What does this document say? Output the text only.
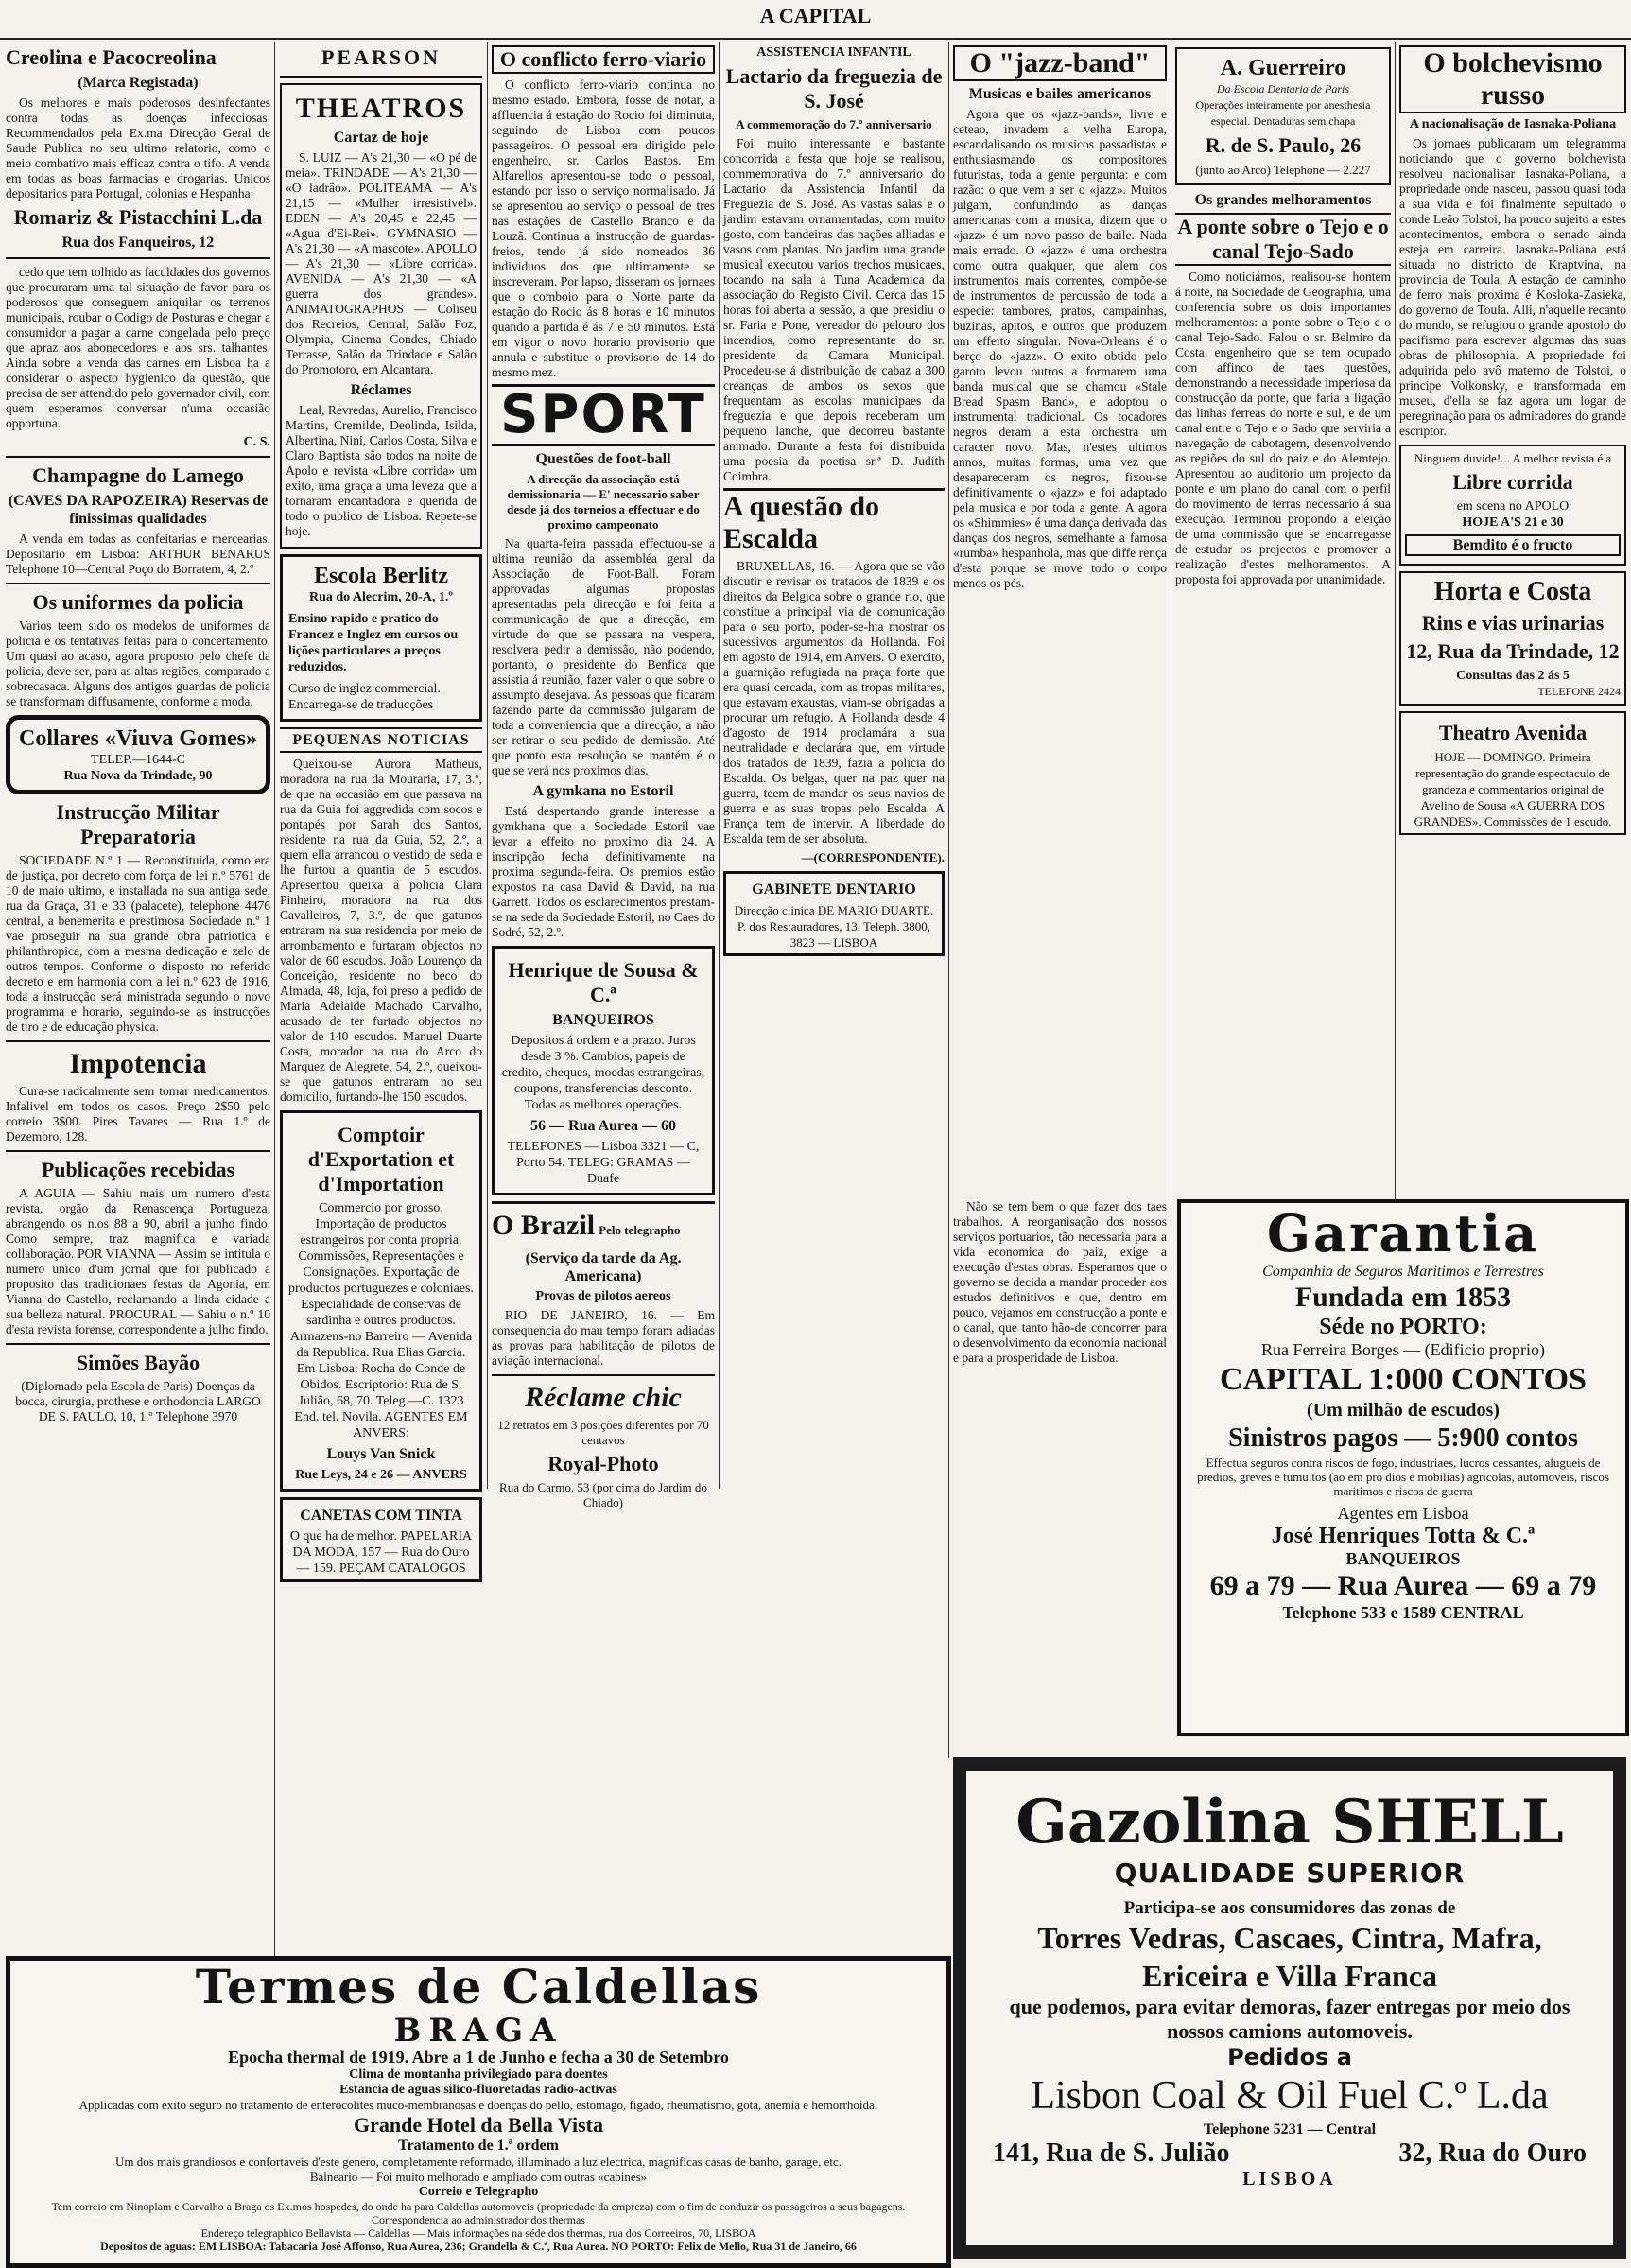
A CAPITAL
Creolina e Pacocreolina
(Marca Registada)

Os melhores e mais poderosos desinfectantes contra todas as doenças infecciosas. Recommendados pela Ex.ma Direcção Geral de Saude Publica no seu ultimo relatorio, como o meio combativo mais efficaz contra o tifo. A venda em todas as boas farmacias e drogarias. Unicos depositarios para Portugal, colonias e Hespanha:

Romariz & Pistacchini L.da
Rua dos Fanqueiros, 12

cedo que tem tolhido as faculdades dos governos que procuraram uma tal situação de favor para os poderosos que conseguem aniquilar os terrenos municipais, roubar o Codigo de Posturas e chegar a consumidor a pagar a carne congelada pelo preço que apraz aos abonecedores e aos srs. talhantes. Ainda sobre a venda das carnes em Lisboa ha a considerar o aspecto hygienico da questão, que precisa de ser attendido pelo governador civil, com quem esperamos conversar n'uma occasião opportuna.

C. S.
Champagne do Lamego
(CAVES DA RAPOZEIRA) Reservas de finissimas qualidades

A venda em todas as confeitarias e mercearias. Depositario em Lisboa: ARTHUR BENARUS Telephone 10—Central Poço do Borratem, 4, 2.º

Os uniformes da policia

Varios teem sido os modelos de uniformes da policia e os tentativas feitas para o concertamento. Um quasi ao acaso, agora proposto pelo chefe da policia, deve ser, para as altas regiões, comparado a sobrecasaca. Alguns dos antigos guardas de policia se transformam diffusamente, conforme a moda.

Collares «Viuva Gomes»
TELEP.—1644-C
Rua Nova da Trindade, 90
Instrucção Militar Preparatoria

SOCIEDADE N.º 1 — Reconstituida, como era de justiça, por decreto com força de lei n.º 5761 de 10 de maio ultimo, e installada na sua antiga sede, rua da Graça, 31 e 33 (palacete), telephone 4476 central, a benemerita e prestimosa Sociedade n.º 1 vae proseguir na sua grande obra patriotica e philanthropica, com a mesma dedicação e zelo de outros tempos. Conforme o disposto no referido decreto e em harmonia com a lei n.º 623 de 1916, toda a instrucção será ministrada segundo o novo programma e horario, seguindo-se as instrucções de tiro e de educação physica.

Impotencia

Cura-se radicalmente sem tomar medicamentos. Infalivel em todos os casos. Preço 2$50 pelo correio 3$00. Pires Tavares — Rua 1.º de Dezembro, 128.

Publicações recebidas

A AGUIA — Sahiu mais um numero d'esta revista, orgão da Renascença Portugueza, abrangendo os n.os 88 a 90, abril a junho findo. Como sempre, traz magnifica e variada collaboração. POR VIANNA — Assim se intitula o numero unico d'um jornal que foi publicado a proposito das tradicionaes festas da Agonia, em Vianna do Castello, reclamando a linda cidade a sua belleza natural. PROCURAL — Sahiu o n.º 10 d'esta revista forense, correspondente a julho findo.

Simões Bayão

(Diplomado pela Escola de Paris) Doenças da bocca, cirurgia, prothese e orthodoncia LARGO DE S. PAULO, 10, 1.º Telephone 3970

PEARSON
THEATROS
Cartaz de hoje

S. LUIZ — A's 21,30 — «O pé de meia». TRINDADE — A's 21,30 — «O ladrão». POLITEAMA — A's 21,15 — «Mulher irresistivel». EDEN — A's 20,45 e 22,45 — «Agua d'Ei-Rei». GYMNASIO — A's 21,30 — «A mascote». APOLLO — A's 21,30 — «Libre corrida». AVENIDA — A's 21,30 — «A guerra dos grandes». ANIMATOGRAPHOS — Coliseu dos Recreios, Central, Salão Foz, Olympia, Cinema Condes, Chiado Terrasse, Salão da Trindade e Salão do Promotoro, em Alcantara.

Réclames

Leal, Revredas, Aurelio, Francisco Martins, Cremilde, Deolinda, Isilda, Albertina, Nini, Carlos Costa, Silva e Claro Baptista são todos na noite de Apolo e revista «Libre corrida» um exito, uma graça a uma leveza que a tornaram encantadora e querida de todo o publico de Lisboa. Repete-se hoje.

Escola Berlitz
Rua do Alecrim, 20-A, 1.º
Ensino rapido e pratico do Francez e Inglez em cursos ou lições particulares a preços reduzidos.
Curso de inglez commercial. Encarrega-se de traducções
PEQUENAS NOTICIAS

Queixou-se Aurora Matheus, moradora na rua da Mouraria, 17, 3.º, de que na occasião em que passava na rua da Guia foi aggredida com socos e pontapés por Sarah dos Santos, residente na rua da Guia, 52, 2.º, a quem ella arrancou o vestido de seda e lhe furtou a quantia de 5 escudos. Apresentou queixa á policia Clara Pinheiro, moradora na rua dos Cavalleiros, 7, 3.º, de que gatunos entraram na sua residencia por meio de arrombamento e furtaram objectos no valor de 60 escudos. João Lourenço da Conceição, residente no beco do Almada, 48, loja, foi preso a pedido de Maria Adelaide Machado Carvalho, acusado de ter furtado objectos no valor de 140 escudos. Manuel Duarte Costa, morador na rua do Arco do Marquez de Alegrete, 54, 2.º, queixou-se que gatunos entraram no seu domicilio, furtando-lhe 150 escudos.

Comptoir d'Exportation et d'Importation
Commercio por grosso. Importação de productos estrangeiros por conta propria. Commissões, Representações e Consignações. Exportação de productos portuguezes e coloniaes. Especialidade de conservas de sardinha e outros productos. Armazens-no Barreiro — Avenida da Republica. Rua Elias Garcia. Em Lisboa: Rocha do Conde de Obidos. Escriptorio: Rua de S. Julião, 68, 70. Teleg.—C. 1323 End. tel. Novila. AGENTES EM ANVERS:
Louys Van Snick
Rue Leys, 24 e 26 — ANVERS
CANETAS COM TINTA
O que ha de melhor. PAPELARIA DA MODA, 157 — Rua do Ouro — 159. PEÇAM CATALOGOS
O conflicto ferro-viario

O conflicto ferro-viario continua no mesmo estado. Embora, fosse de notar, a affluencia á estação do Rocio foi diminuta, seguindo de Lisboa com poucos passageiros. O pessoal era dirigido pelo engenheiro, sr. Carlos Bastos. Em Alfarellos apresentou-se todo o pessoal, estando por isso o serviço normalisado. Já se apresentou ao serviço o pessoal de tres nas estações de Castello Branco e da Louzã. Continua a instrucção de guardas-freios, tendo já sido nomeados 36 individuos dos que ultimamente se inscreveram. Por lapso, disseram os jornaes que o comboio para o Norte parte da estação do Rocio ás 8 horas e 10 minutos quando a partida é ás 7 e 50 minutos. Está em vigor o novo horario provisorio que annula e substitue o provisorio de 14 do mesmo mez.

SPORT
Questões de foot-ball
A direcção da associação está demissionaria — E' necessario saber desde já dos torneios a effectuar e do proximo campeonato

Na quarta-feira passada effectuou-se a ultima reunião da assembléa geral da Associação de Foot-Ball. Foram approvadas algumas propostas apresentadas pela direcção e foi feita a communicação de que a direcção, em virtude do que se passara na vespera, resolvera pedir a demissão, não podendo, portanto, o presidente do Benfica que assistia á reunião, fazer valer o que sobre o assumpto desejava. As pessoas que ficaram fazendo parte da commissão julgaram de toda a conveniencia que a direcção, a não ser retirar o seu pedido de demissão. Até que ponto esta resolução se mantém é o que se verá nos proximos dias.

A gymkana no Estoril

Está despertando grande interesse a gymkhana que a Sociedade Estoril vae levar a effeito no proximo dia 24. A inscripção fecha definitivamente na proxima segunda-feira. Os premios estão expostos na casa David & David, na rua Garrett. Todos os esclarecimentos prestam-se na sede da Sociedade Estoril, no Caes do Sodré, 52, 2.º.

Henrique de Sousa & C.ª
BANQUEIROS
Depositos á ordem e a prazo. Juros desde 3 %. Cambios, papeis de credito, cheques, moedas estrangeiras, coupons, transferencias desconto. Todas as melhores operações.
56 — Rua Aurea — 60
TELEFONES — Lisboa 3321 — C, Porto 54. TELEG: GRAMAS — Duafe
O Brazil Pelo telegrapho
(Serviço da tarde da Ag. Americana)
Provas de pilotos aereos

RIO DE JANEIRO, 16. — Em consequencia do mau tempo foram adiadas as provas para habilitação de pilotos de aviação internacional.

Réclame chic
12 retratos em 3 posições diferentes por 70 centavos
Royal-Photo
Rua do Carmo, 53 (por cima do Jardim do Chiado)
ASSISTENCIA INFANTIL
Lactario da freguezia de S. José
A commemoração do 7.º anniversario

Foi muito interessante e bastante concorrida a festa que hoje se realisou, commemorativa do 7.º anniversario do Lactario da Assistencia Infantil da Freguezia de S. José. As vastas salas e o jardim estavam ornamentadas, com muito gosto, com bandeiras das nações alliadas e vasos com plantas. No jardim uma grande musical executou varios trechos musicaes, tocando na sala a Tuna Academica da associação do Registo Civil. Cerca das 15 horas foi aberta a sessão, a que presidiu o sr. Faria e Pone, vereador do pelouro dos incendios, como representante do sr. presidente da Camara Municipal. Procedeu-se á distribuição de cabaz a 300 creanças de ambos os sexos que frequentam as escolas municipaes da freguezia e que depois receberam um pequeno lanche, que decorreu bastante animado. Durante a festa foi distribuida uma poesia da poetisa sr.ª D. Judith Coimbra.

A questão do Escalda

BRUXELLAS, 16. — Agora que se vão discutir e revisar os tratados de 1839 e os direitos da Belgica sobre o grande rio, que constitue a principal via de comunicação para o seu porto, poder-se-hia mostrar os sucessivos argumentos da Hollanda. Foi em agosto de 1914, em Anvers. O exercito, a guarnição refugiada na praça forte que era quasi cercada, com as tropas militares, que estavam exaustas, viam-se obrigadas a procurar um refugio. A Hollanda desde 4 d'agosto de 1914 proclamára a sua neutralidade e declarára que, em virtude dos tratados de 1839, fazia a policia do Escalda. Os belgas, quer na paz quer na guerra, teem de mandar os seus navios de guerra e as suas tropas pelo Escalda. A França tem de intervir. A liberdade do Escalda tem de ser absoluta.

—(CORRESPONDENTE).
GABINETE DENTARIO
Direcção clinica DE MARIO DUARTE. P. dos Restauradores, 13. Teleph. 3800, 3823 — LISBOA
O "jazz-band"
Musicas e bailes americanos

Agora que os «jazz-bands», livre e ceteao, invadem a velha Europa, escandalisando os musicos passadistas e enthusiasmando os compositores futuristas, toda a gente pergunta: e com razão: o que vem a ser o «jazz». Muitos julgam, confundindo as danças americanas com a musica, dizem que o «jazz» é um novo passo de baile. Nada mais errado. O «jazz» é uma orchestra como outra qualquer, que alem dos instrumentos mais correntes, compõe-se de instrumentos de percussão de toda a especie: tambores, pratos, campainhas, buzinas, apitos, e outros que produzem um effeito singular. Nova-Orleans é o berço do «jazz». O exito obtido pelo garoto levou outros a formarem uma banda musical que se chamou «Stale Bread Spasm Band», e adoptou o instrumental tradicional. Os tocadores negros deram a esta orchestra um caracter novo. Mas, n'estes ultimos annos, muitas formas, uma vez que desapareceram os negros, fixou-se definitivamente o «jazz» e foi adaptado pela musica e por toda a gente. A agora os «Shimmies» é uma dança derivada das danças dos negros, semelhante a famosa «rumba» hespanhola, mas que diffe rença d'esta porque se move todo o corpo menos os pés.

A. Guerreiro
Da Escola Dentaria de Paris
Operações inteiramente por anesthesia especial. Dentaduras sem chapa
R. de S. Paulo, 26
(junto ao Arco) Telephone — 2.227
Os grandes melhoramentos
A ponte sobre o Tejo e o canal Tejo-Sado

Como noticiámos, realisou-se hontem á noite, na Sociedade de Geographia, uma conferencia sobre os dois importantes melhoramentos: a ponte sobre o Tejo e o canal Tejo-Sado. Falou o sr. Belmiro da Costa, engenheiro que se tem ocupado com affinco de taes questões, demonstrando a necessidade imperiosa da construcção da ponte, que faria a ligação das linhas ferreas do norte e sul, e de um canal entre o Tejo e o Sado que serviria a navegação de cabotagem, desenvolvendo as regiões do sul do paiz e do Alemtejo. Apresentou ao auditorio um projecto da ponte e um plano do canal com o perfil do movimento de terras necessario á sua execução. Terminou propondo a eleição de uma commissão que se encarregasse de estudar os projectos e promover a realização d'estes melhoramentos. A proposta foi approvada por unanimidade.

O bolchevismo russo
A nacionalisação de Iasnaka-Poliana

Os jornaes publicaram um telegramma noticiando que o governo bolchevista resolveu nacionalisar Iasnaka-Poliana, a propriedade onde nasceu, passou quasi toda a sua vida e foi finalmente sepultado o conde Leão Tolstoi, ha pouco sujeito a estes acontecimentos, embora o senado ainda esteja em carreira. Iasnaka-Poliana está situada no districto de Kraptvina, na provincia de Toula. A estação de caminho de ferro mais proxima é Kosloka-Zasieka, do governo de Toula. Alli, n'aquelle recanto do mundo, se refugiou o grande apostolo do pacifismo para escrever algumas das suas obras de philosophia. A propriedade foi adquirida pelo avô materno de Tolstoi, o principe Volkonsky, e transformada em museu, d'ella se faz agora um logar de peregrinação para os admiradores do grande escriptor.

Ninguem duvide!... A melhor revista é a
Libre corrida
em scena no APOLO
HOJE A'S 21 e 30
Bemdito é o fructo
Horta e Costa
Rins e vias urinarias
12, Rua da Trindade, 12
Consultas das 2 ás 5
TELEFONE 2424
Theatro Avenida
HOJE — DOMINGO. Primeira representação do grande espectaculo de grandeza e commentarios original de Avelino de Sousa «A GUERRA DOS GRANDES». Commissões de 1 escudo.
Garantia
Companhia de Seguros Maritimos e Terrestres
Fundada em 1853
Séde no PORTO:
Rua Ferreira Borges — (Edificio proprio)
CAPITAL 1:000 CONTOS
(Um milhão de escudos)
Sinistros pagos — 5:900 contos
Effectua seguros contra riscos de fogo, industriaes, lucros cessantes, alugueis de predios, greves e tumultos (ao em pro dios e mobilias) agricolas, automoveis, riscos maritimos e riscos de guerra
Agentes em Lisboa
José Henriques Totta & C.ª
BANQUEIROS
69 a 79 — Rua Aurea — 69 a 79
Telephone 533 e 1589 CENTRAL
Termes de Caldellas
BRAGA
Epocha thermal de 1919. Abre a 1 de Junho e fecha a 30 de Setembro
Clima de montanha privilegiado para doentes
Estancia de aguas silico-fluoretadas radio-activas
Applicadas com exito seguro no tratamento de enterocolites muco-membranosas e doenças do pello, estomago, figado, rheumatismo, gota, anemia e hemorrhoidal
Grande Hotel da Bella Vista
Tratamento de 1.ª ordem
Um dos mais grandiosos e confortaveis d'este genero, completamente reformado, illuminado a luz electrica, magnificas casas de banho, garage, etc.
Balneario — Foi muito melhorado e ampliado com outras «cabines»
Correio e Telegrapho
Tem correio em Ninoplam e Carvalho a Braga os Ex.mos hospedes, do onde ha para Caldellas automoveis (propriedade da empreza) com o fim de conduzir os passageiros a seus bagagens.
Correspondencia ao administrador dos thermas
Endereço telegraphico Bellavista — Caldellas — Mais informações na séde dos thermas, rua dos Correeiros, 70, LISBOA
Depositos de aguas: EM LISBOA: Tabacaria José Affonso, Rua Aurea, 236; Grandella & C.ª, Rua Aurea. NO PORTO: Felix de Mello, Rua 31 de Janeiro, 66
Gazolina SHELL
QUALIDADE SUPERIOR
Participa-se aos consumidores das zonas de
Torres Vedras, Cascaes, Cintra, Mafra, Ericeira e Villa Franca
que podemos, para evitar demoras, fazer entregas por meio dos nossos camions automoveis.
Pedidos a
Lisbon Coal & Oil Fuel C.º L.da
Telephone 5231 — Central
141, Rua de S. Julião	32, Rua do Ouro
LISBOA

Não se tem bem o que fazer dos taes trabalhos. A reorganisação dos nossos serviços portuarios, tão necessaria para a vida economica do paiz, exige a execução d'estas obras. Esperamos que o governo se decida a mandar proceder aos estudos definitivos e que, dentro em pouco, vejamos em construcção a ponte e o canal, que tanto hão-de concorrer para o desenvolvimento da economia nacional e para a prosperidade de Lisboa.
